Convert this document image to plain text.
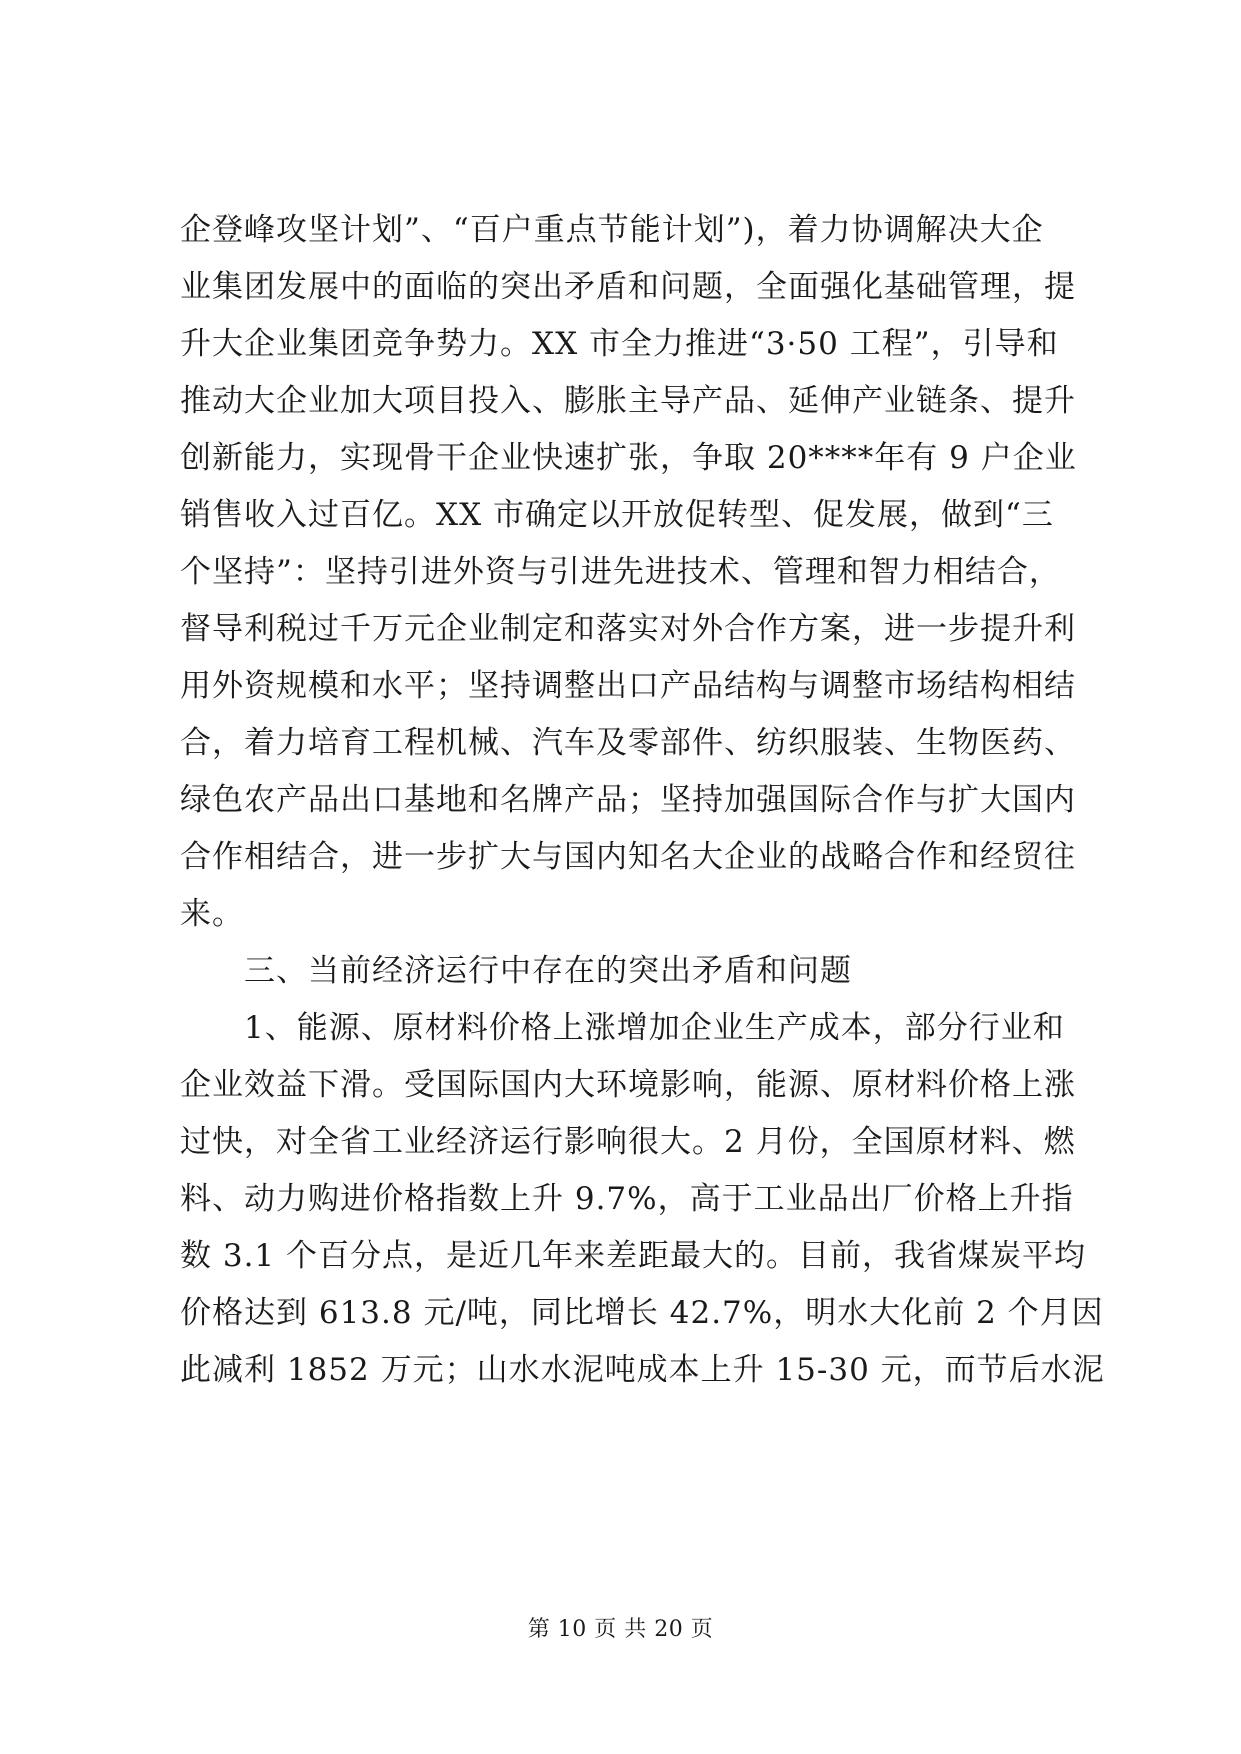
企登峰攻坚计划”、“百户重点节能计划”)，着力协调解决大企
业集团发展中的面临的突出矛盾和问题，全面强化基础管理，提
升大企业集团竞争势力。XX 市全力推进“3·50 工程”，引导和
推动大企业加大项目投入、膨胀主导产品、延伸产业链条、提升
创新能力，实现骨干企业快速扩张，争取 20****年有 9 户企业
销售收入过百亿。XX 市确定以开放促转型、促发展，做到“三
个坚持”：坚持引进外资与引进先进技术、管理和智力相结合，
督导利税过千万元企业制定和落实对外合作方案，进一步提升利
用外资规模和水平；坚持调整出口产品结构与调整市场结构相结
合，着力培育工程机械、汽车及零部件、纺织服装、生物医药、
绿色农产品出口基地和名牌产品；坚持加强国际合作与扩大国内
合作相结合，进一步扩大与国内知名大企业的战略合作和经贸往
来。
三、当前经济运行中存在的突出矛盾和问题
1、能源、原材料价格上涨增加企业生产成本，部分行业和
企业效益下滑。受国际国内大环境影响，能源、原材料价格上涨
过快，对全省工业经济运行影响很大。2 月份，全国原材料、燃
料、动力购进价格指数上升 9.7%，高于工业品出厂价格上升指
数 3.1 个百分点，是近几年来差距最大的。目前，我省煤炭平均
价格达到 613.8 元/吨，同比增长 42.7%，明水大化前 2 个月因
此减利 1852 万元；山水水泥吨成本上升 15-30 元，而节后水泥
第 10 页 共 20 页
